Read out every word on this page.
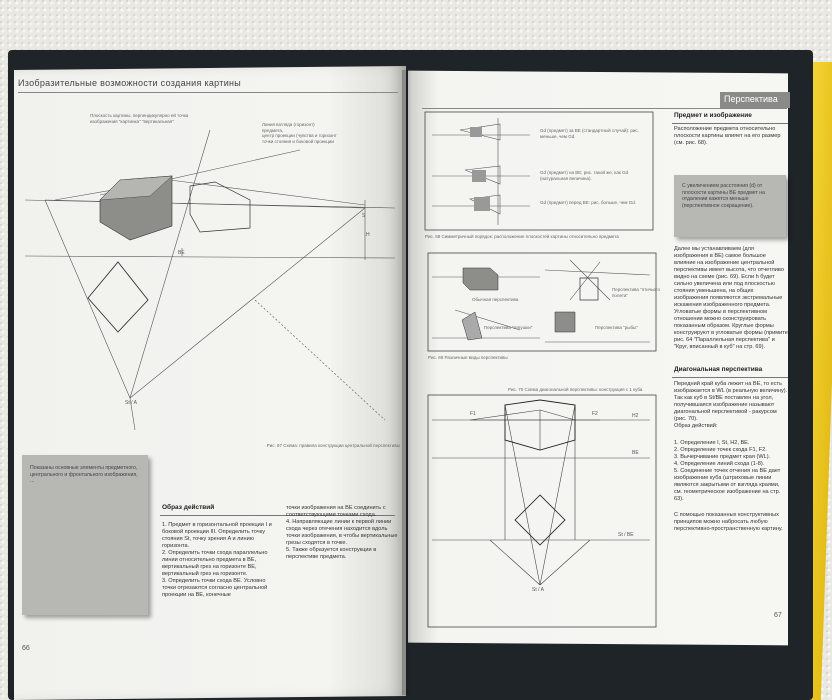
Изобразительные возможности создания картины
Плоскость картины, перпендикулярно ей точка
изображения "картинка" "вертикальная"
Линия взгляда (горизонт)
предмета,
центр проекции (чувства и горизонт
точки стояния и боковой проекции
BE
S
H
St / A
Рис. 67 Схема: правила конструкции центральной перспективы
Показаны основные элементы предметного, центрального и фронтального изображения, ...
Образ действий
1. Предмет в горизонтальной проекции I и боковой проекции III. Определить точку стояния St, точку зрения A и линию горизонта.
2. Определить точки схода параллельно линии относительно предмета в BE, вертикальный грез на горизонте BE, вертикальный грез на горизонте.
3. Определить точки схода BE. Условно точки отрезаются согласно центральной проекции на BE, конечные
точки изображения на BE соединить с соответствующими точками схода.
4. Направляющие линии к первой линии схода через отечения находится вдоль точки изображения, в чтобы вертикальные грезы сходятся в точке.
5. Также образуется конструкции в перспективе предмета.
66
Перспектива
Gd (предмет) за BE (стандартный случай): рис. меньше, чем Gd.
Gd (предмет) на BE; рис. такой же, как Gd (натуральная величина).
Gd (предмет) перед BE: рис. больше, чем Gd.
Рис. 68 Симметричный порядок: расположение плоскостей картины относительно предмета
Обычная перспектива
Перспектива "лягушки"
Перспектива "птичьего полета"
Перспектива "рыбы"
Рис. 69 Различные виды перспективы
Рис. 70 Схема диагональной перспективы: конструкция с 1 куба
F1	F2	H2
BE
St / BE
St / A
Предмет и изображение
Расположение предмета относительно плоскости картины влияет на его размер (см. рис. 68).
С увеличением расстояния (d) от плоскости картины BE предмет на отдалении кажется меньше (перспективное сокращение).
Далее мы устанавливаем (для изображения в BE) самое большое влияние на изображение центральной перспективы имеет высота, что отчетливо видно на схеме (рис. 69). Если h будет сильно увеличена или под плоскостью стояния уменьшена, на общих изображения появляются экстремальные искажения изображенного предмета. Угловатые формы в перспективном отношении можно сконструировать показанным образом. Круглые формы конструируют в угловатые формы (примите рис. 64 "Параллельная перспектива" и "Круг, вписанный в куб" на стр. 69).
Диагональная перспектива
Передний край куба лежит на BE, то есть изображается в WL (в реальную величину). Так как куб в St/BE поставлен на угол, получившаяся изображение называют диагональной перспективой - ракурсом (рис. 70).
Образ действий:
1. Определение I, St, H2, BE.
2. Определение точек схода F1, F2.
3. Вычерчивание предмет края (WL).
4. Определение линий схода (1-8).
5. Соединение точек отчения на BE дает изображение куба (штриховые линии являются закрытыми от взгляда краями, см. геометрическое изображение на стр. 63).
С помощью показанных конструктивных принципов можно набросать любую перспективно-пространственную картину.
67
